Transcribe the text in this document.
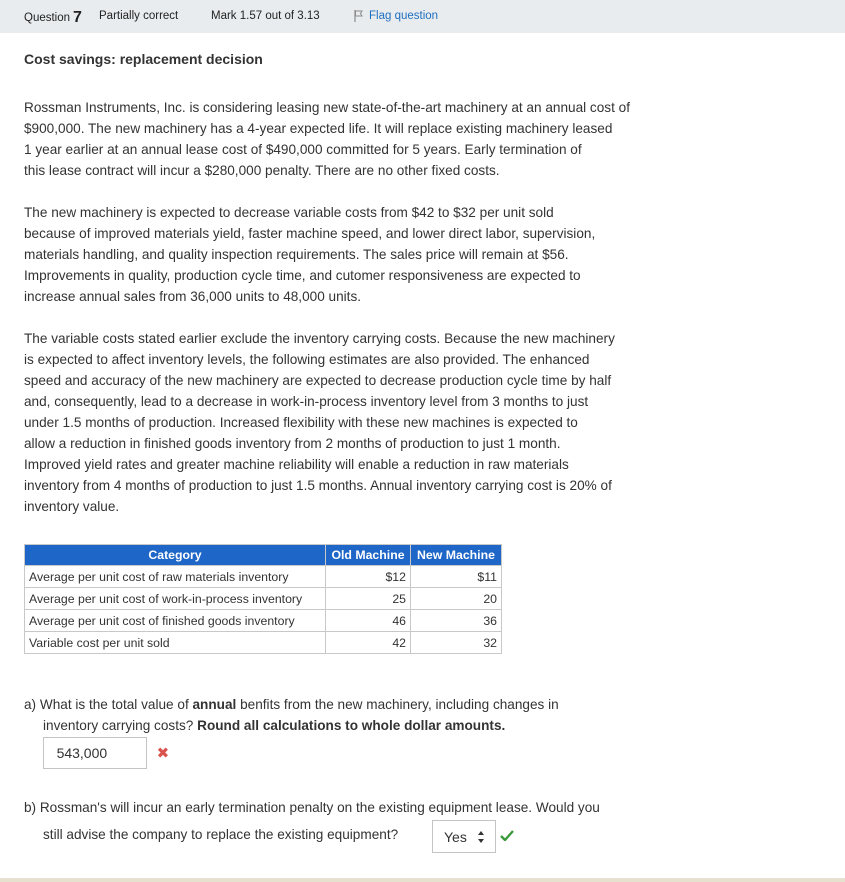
Question 7 Partially correct	Mark 1.57 out of 3.13	Flag question
Cost savings: replacement decision
Rossman Instruments, Inc. is considering leasing new state-of-the-art machinery at an annual cost of
$900,000. The new machinery has a 4-year expected life. It will replace existing machinery leased
1 year earlier at an annual lease cost of $490,000 committed for 5 years. Early termination of
this lease contract will incur a $280,000 penalty. There are no other fixed costs.
The new machinery is expected to decrease variable costs from $42 to $32 per unit sold
because of improved materials yield, faster machine speed, and lower direct labor, supervision,
materials handling, and quality inspection requirements. The sales price will remain at $56.
Improvements in quality, production cycle time, and cutomer responsiveness are expected to
increase annual sales from 36,000 units to 48,000 units.
The variable costs stated earlier exclude the inventory carrying costs. Because the new machinery
is expected to affect inventory levels, the following estimates are also provided. The enhanced
speed and accuracy of the new machinery are expected to decrease production cycle time by half
and, consequently, lead to a decrease in work-in-process inventory level from 3 months to just
under 1.5 months of production. Increased flexibility with these new machines is expected to
allow a reduction in finished goods inventory from 2 months of production to just 1 month.
Improved yield rates and greater machine reliability will enable a reduction in raw materials
inventory from 4 months of production to just 1.5 months. Annual inventory carrying cost is 20% of
inventory value.
Category	Old Machine	New Machine
Average per unit cost of raw materials inventory	$12	$11
Average per unit cost of work-in-process inventory	25	20
Average per unit cost of finished goods inventory	46	36
Variable cost per unit sold	42	32
a) What is the total value of annual benfits from the new machinery, including changes in
inventory carrying costs? Round all calculations to whole dollar amounts.
543,000	✖
b) Rossman's will incur an early termination penalty on the existing equipment lease. Would you
still advise the company to replace the existing equipment?	Yes
